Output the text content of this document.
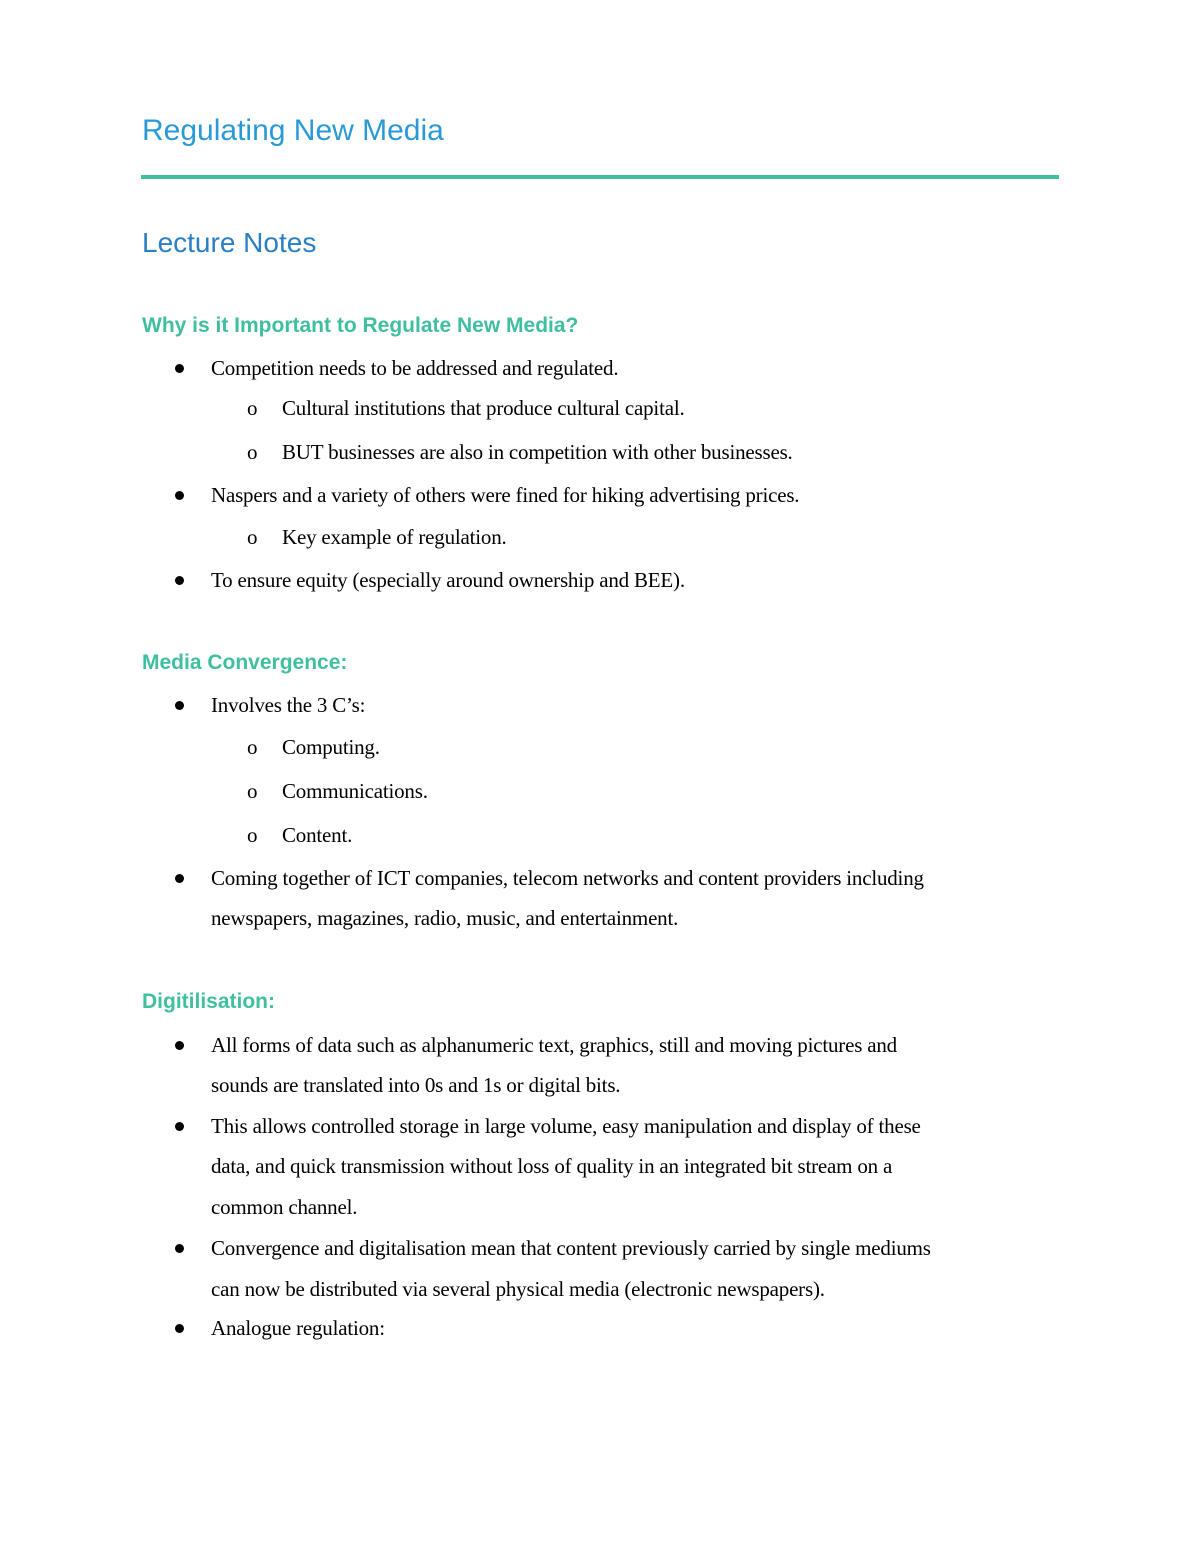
Regulating New Media
Lecture Notes
Why is it Important to Regulate New Media?
Competition needs to be addressed and regulated.
o Cultural institutions that produce cultural capital.
o BUT businesses are also in competition with other businesses.
Naspers and a variety of others were fined for hiking advertising prices.
o Key example of regulation.
To ensure equity (especially around ownership and BEE).
Media Convergence:
Involves the 3 C’s:
o Computing.
o Communications.
o Content.
Coming together of ICT companies, telecom networks and content providers including
newspapers, magazines, radio, music, and entertainment.
Digitilisation:
All forms of data such as alphanumeric text, graphics, still and moving pictures and
sounds are translated into 0s and 1s or digital bits.
This allows controlled storage in large volume, easy manipulation and display of these
data, and quick transmission without loss of quality in an integrated bit stream on a
common channel.
Convergence and digitalisation mean that content previously carried by single mediums
can now be distributed via several physical media (electronic newspapers).
Analogue regulation:
